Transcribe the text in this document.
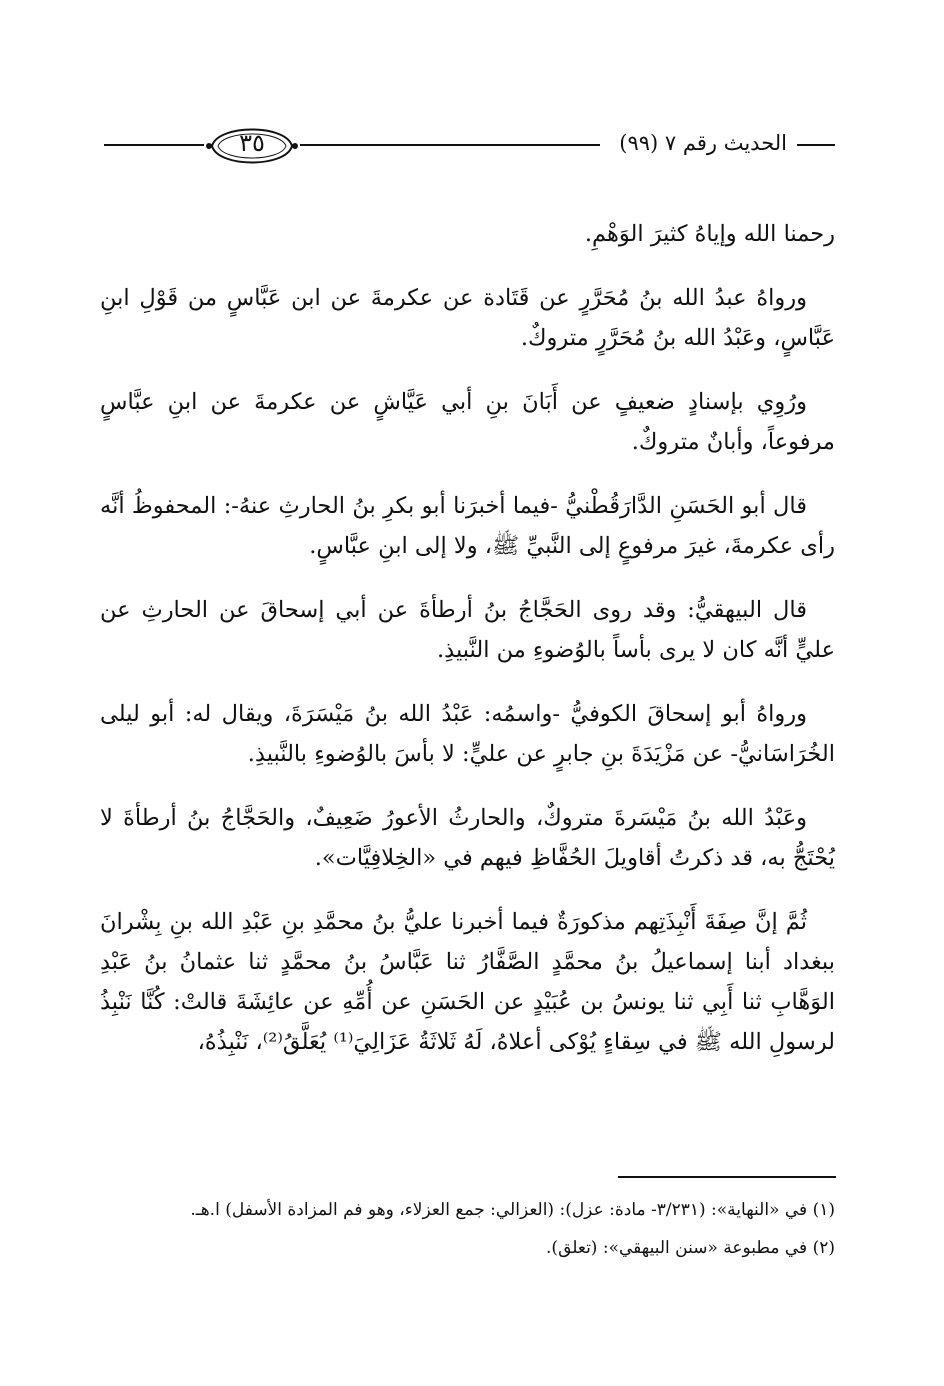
الحديث رقم ٧ (٩٩)
٣٥

رحمنا الله وإياهُ كثيرَ الوَهْمِ.

ورواهُ عبدُ الله بنُ مُحَرَّرٍ عن قَتَادة عن عكرمةَ عن ابن عَبَّاسٍ من قَوْلِ ابنِ عَبَّاسٍ، وعَبْدُ الله بنُ مُحَرَّرٍ متروكٌ.

ورُوِي بإسنادٍ ضعيفٍ عن أَبَانَ بنِ أبي عَيَّاشٍ عن عكرمةَ عن ابنِ عبَّاسٍ مرفوعاً، وأبانٌ متروكٌ.

قال أبو الحَسَنِ الدَّارَقُطْنيُّ -فيما أخبرَنا أبو بكرِ بنُ الحارثِ عنهُ-: المحفوظُ أنَّه رأى عكرمةَ، غيرَ مرفوعٍ إلى النَّبيِّ ﷺ، ولا إلى ابنِ عبَّاسٍ.

قال البيهقيُّ: وقد روى الحَجَّاجُ بنُ أرطأةَ عن أبي إسحاقَ عن الحارثِ عن عليٍّ أنَّه كان لا يرى بأساً بالوُضوءِ من النَّبيذِ.

ورواهُ أبو إسحاقَ الكوفيُّ -واسمُه: عَبْدُ الله بنُ مَيْسَرَةَ، ويقال له: أبو ليلى الخُرَاسَانيُّ- عن مَزْيَدَةَ بنِ جابرٍ عن عليٍّ: لا بأسَ بالوُضوءِ بالنَّبيذِ.

وعَبْدُ الله بنُ مَيْسَرةَ متروكٌ، والحارثُ الأعورُ ضَعِيفٌ، والحَجَّاجُ بنُ أرطأةَ لا يُحْتَجُّ به، قد ذكرتُ أقاويلَ الحُفَّاظِ فيهم في «الخِلافِيَّات».

ثُمَّ إنَّ صِفَةَ أَنْبِذَتِهم مذكورَةٌ فيما أخبرنا عليُّ بنُ محمَّدِ بنِ عَبْدِ الله بنِ بِشْرانَ ببغداد أبنا إسماعيلُ بنُ محمَّدٍ الصَّفَّارُ ثنا عَبَّاسُ بنُ محمَّدٍ ثنا عثمانُ بنُ عَبْدِ الوَهَّابِ ثنا أَبِي ثنا يونسُ بن عُبَيْدٍ عن الحَسَنِ عن أُمِّهِ عن عائِشَةَ قالتْ: كُنَّا نَنْبِذُ لرسولِ الله ﷺ في سِقاءٍ يُوْكى أعلاهُ، لَهُ ثَلاثَةُ عَزَالِيَ⁽¹⁾ يُعَلَّقُ⁽²⁾، نَنْبِذُهُ،

(١) في «النهاية»: (٣/٢٣١- مادة: عزل): (العزالي: جمع العزلاء، وهو فم المزادة الأسفل) ا.هـ.

(٢) في مطبوعة «سنن البيهقي»: (تعلق).
